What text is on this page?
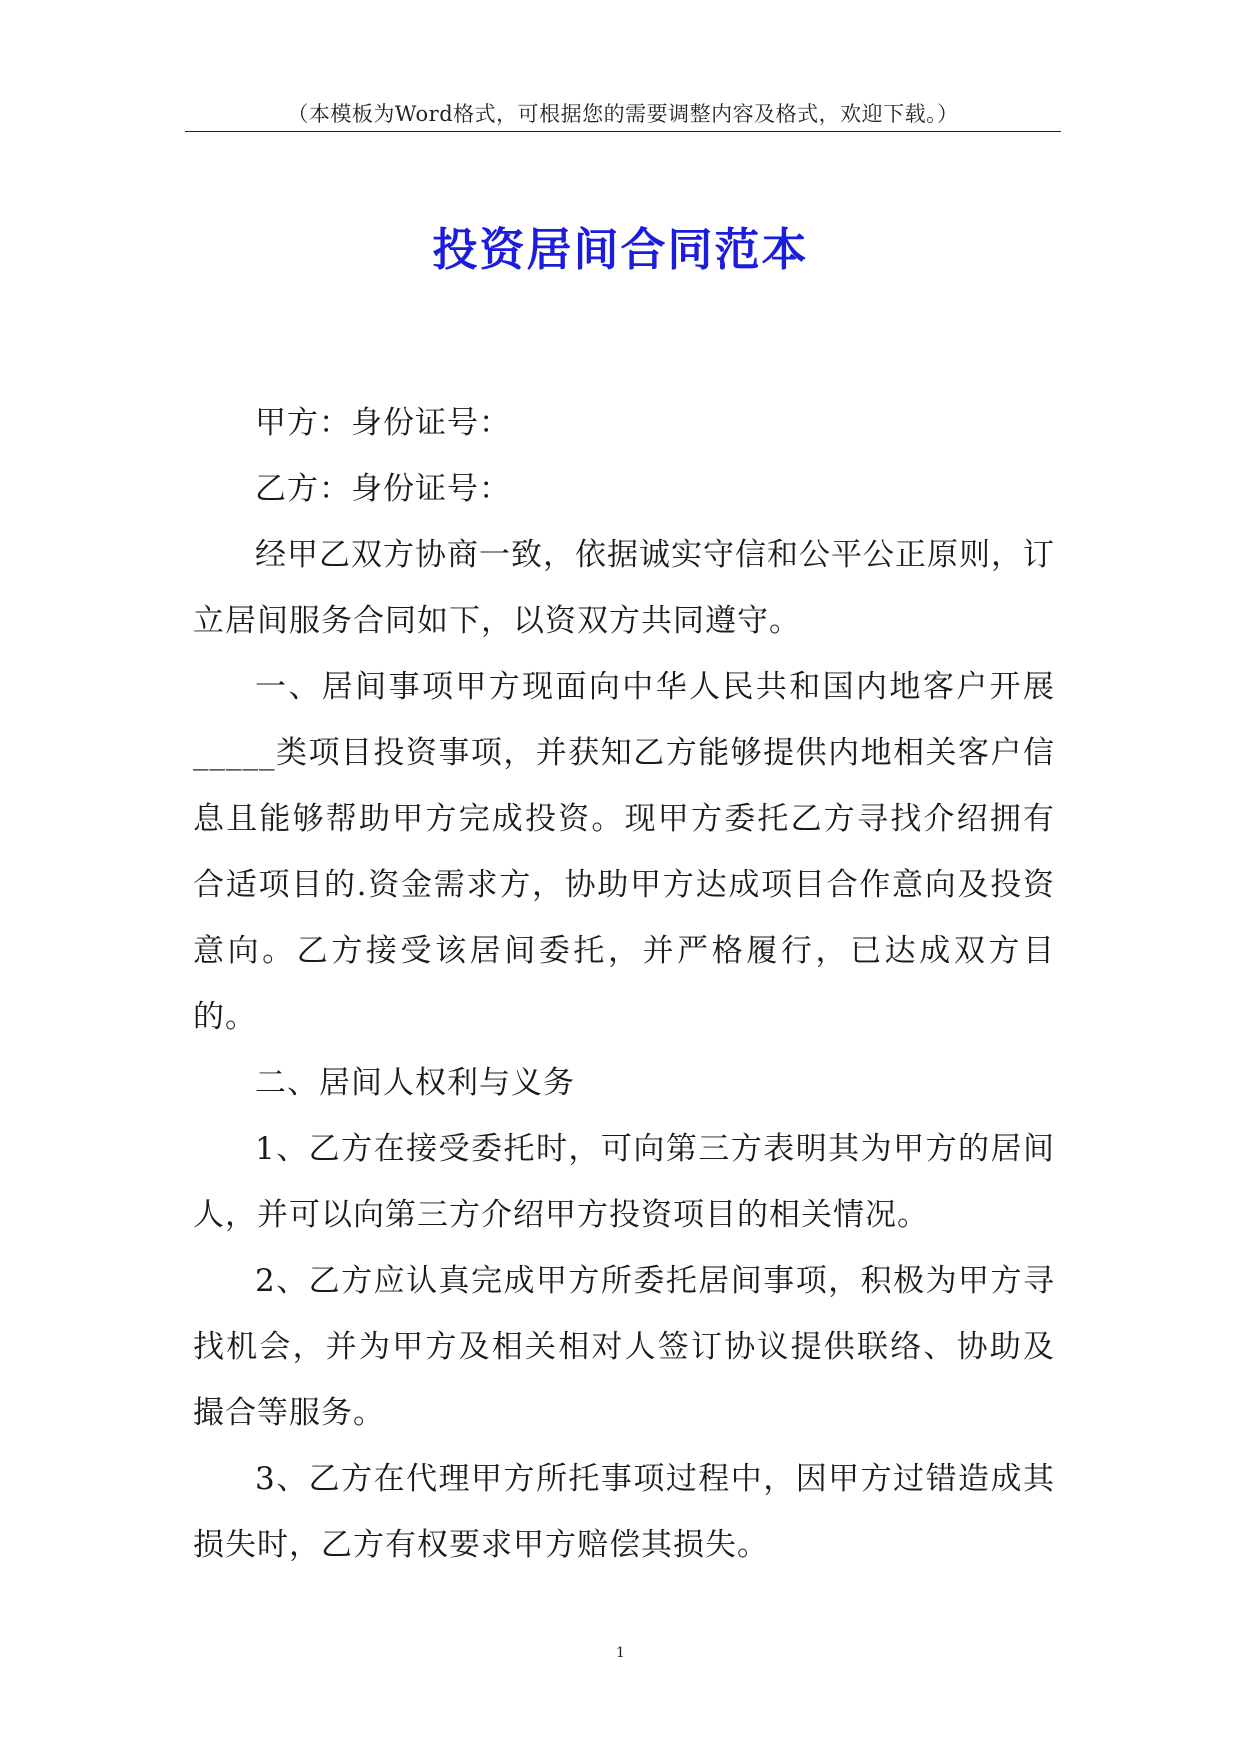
（本模板为Word格式，可根据您的需要调整内容及格式，欢迎下载。）
投资居间合同范本

甲方：身份证号：

乙方：身份证号：

经甲乙双方协商一致，依据诚实守信和公平公正原则，订立居间服务合同如下，以资双方共同遵守。

一、居间事项甲方现面向中华人民共和国内地客户开展_____类项目投资事项，并获知乙方能够提供内地相关客户信息且能够帮助甲方完成投资。现甲方委托乙方寻找介绍拥有合适项目的.资金需求方，协助甲方达成项目合作意向及投资意向。乙方接受该居间委托，并严格履行，已达成双方目的。

二、居间人权利与义务

1、乙方在接受委托时，可向第三方表明其为甲方的居间人，并可以向第三方介绍甲方投资项目的相关情况。

2、乙方应认真完成甲方所委托居间事项，积极为甲方寻找机会，并为甲方及相关相对人签订协议提供联络、协助及撮合等服务。

3、乙方在代理甲方所托事项过程中，因甲方过错造成其损失时，乙方有权要求甲方赔偿其损失。

1
